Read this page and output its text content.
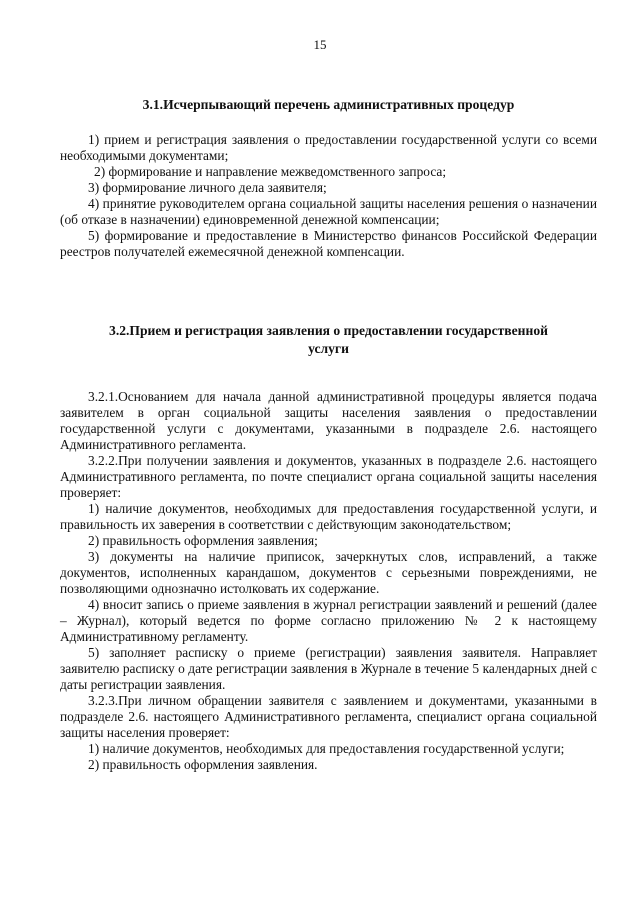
15
3.1.Исчерпывающий перечень административных процедур

1) прием и регистрация заявления о предоставлении государственной услуги со всеми необходимыми документами;

2) формирование и направление межведомственного запроса;

3) формирование личного дела заявителя;

4) принятие руководителем органа социальной защиты населения решения о назначении (об отказе в назначении) единовременной денежной компенсации;

5) формирование и предоставление в Министерство финансов Российской Федерации реестров получателей ежемесячной денежной компенсации.

3.2.Прием и регистрация заявления о предоставлении государственной
услуги

3.2.1.Основанием для начала данной административной процедуры является подача заявителем в орган социальной защиты населения заявления о предоставлении государственной услуги с документами, указанными в подразделе 2.6. настоящего Административного регламента.

3.2.2.При получении заявления и документов, указанных в подразделе 2.6. настоящего Административного регламента, по почте специалист органа социальной защиты населения проверяет:

1) наличие документов, необходимых для предоставления государственной услуги, и правильность их заверения в соответствии с действующим законодательством;

2) правильность оформления заявления;

3) документы на наличие приписок, зачеркнутых слов, исправлений, а также документов, исполненных карандашом, документов с серьезными повреждениями, не позволяющими однозначно истолковать их содержание.

4) вносит запись о приеме заявления в журнал регистрации заявлений и решений (далее – Журнал), который ведется по форме согласно приложению № 2 к настоящему Административному регламенту.

5) заполняет расписку о приеме (регистрации) заявления заявителя. Направляет заявителю расписку о дате регистрации заявления в Журнале в течение 5 календарных дней с даты регистрации заявления.

3.2.3.При личном обращении заявителя с заявлением и документами, указанными в подразделе 2.6. настоящего Административного регламента, специалист органа социальной защиты населения проверяет:

1) наличие документов, необходимых для предоставления государственной услуги;

2) правильность оформления заявления.
